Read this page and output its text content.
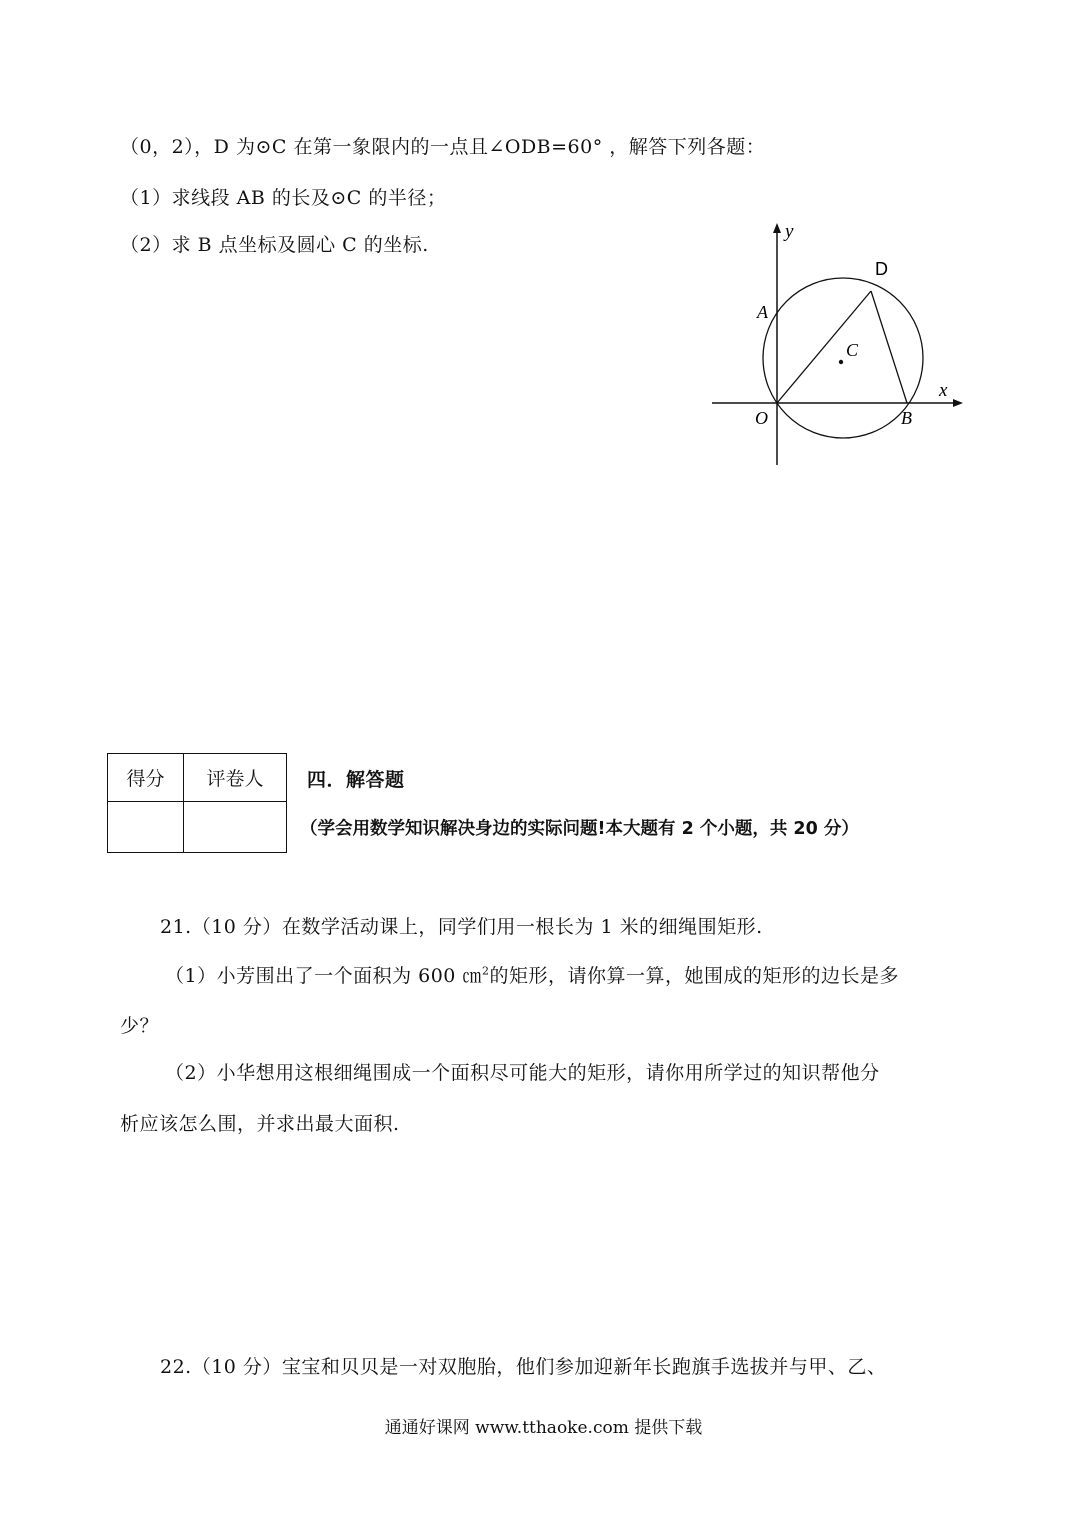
（0，2），D 为⊙C 在第一象限内的一点且∠ODB=60° ，解答下列各题：
（1）求线段 AB 的长及⊙C 的半径；
（2）求 B 点坐标及圆心 C 的坐标.
y
x
D
A
C
O	B
得分	评卷人
	四．解答题
（学会用数学知识解决身边的实际问题!本大题有 2 个小题，共 20 分）
21.（10 分）在数学活动课上，同学们用一根长为 1 米的细绳围矩形.
（1）小芳围出了一个面积为 600 ㎝$^2$的矩形，请你算一算，她围成的矩形的边长是多
少？
（2）小华想用这根细绳围成一个面积尽可能大的矩形，请你用所学过的知识帮他分
析应该怎么围，并求出最大面积.
22.（10 分）宝宝和贝贝是一对双胞胎，他们参加迎新年长跑旗手选拔并与甲、乙、
通通好课网 www.tthaoke.com 提供下载
